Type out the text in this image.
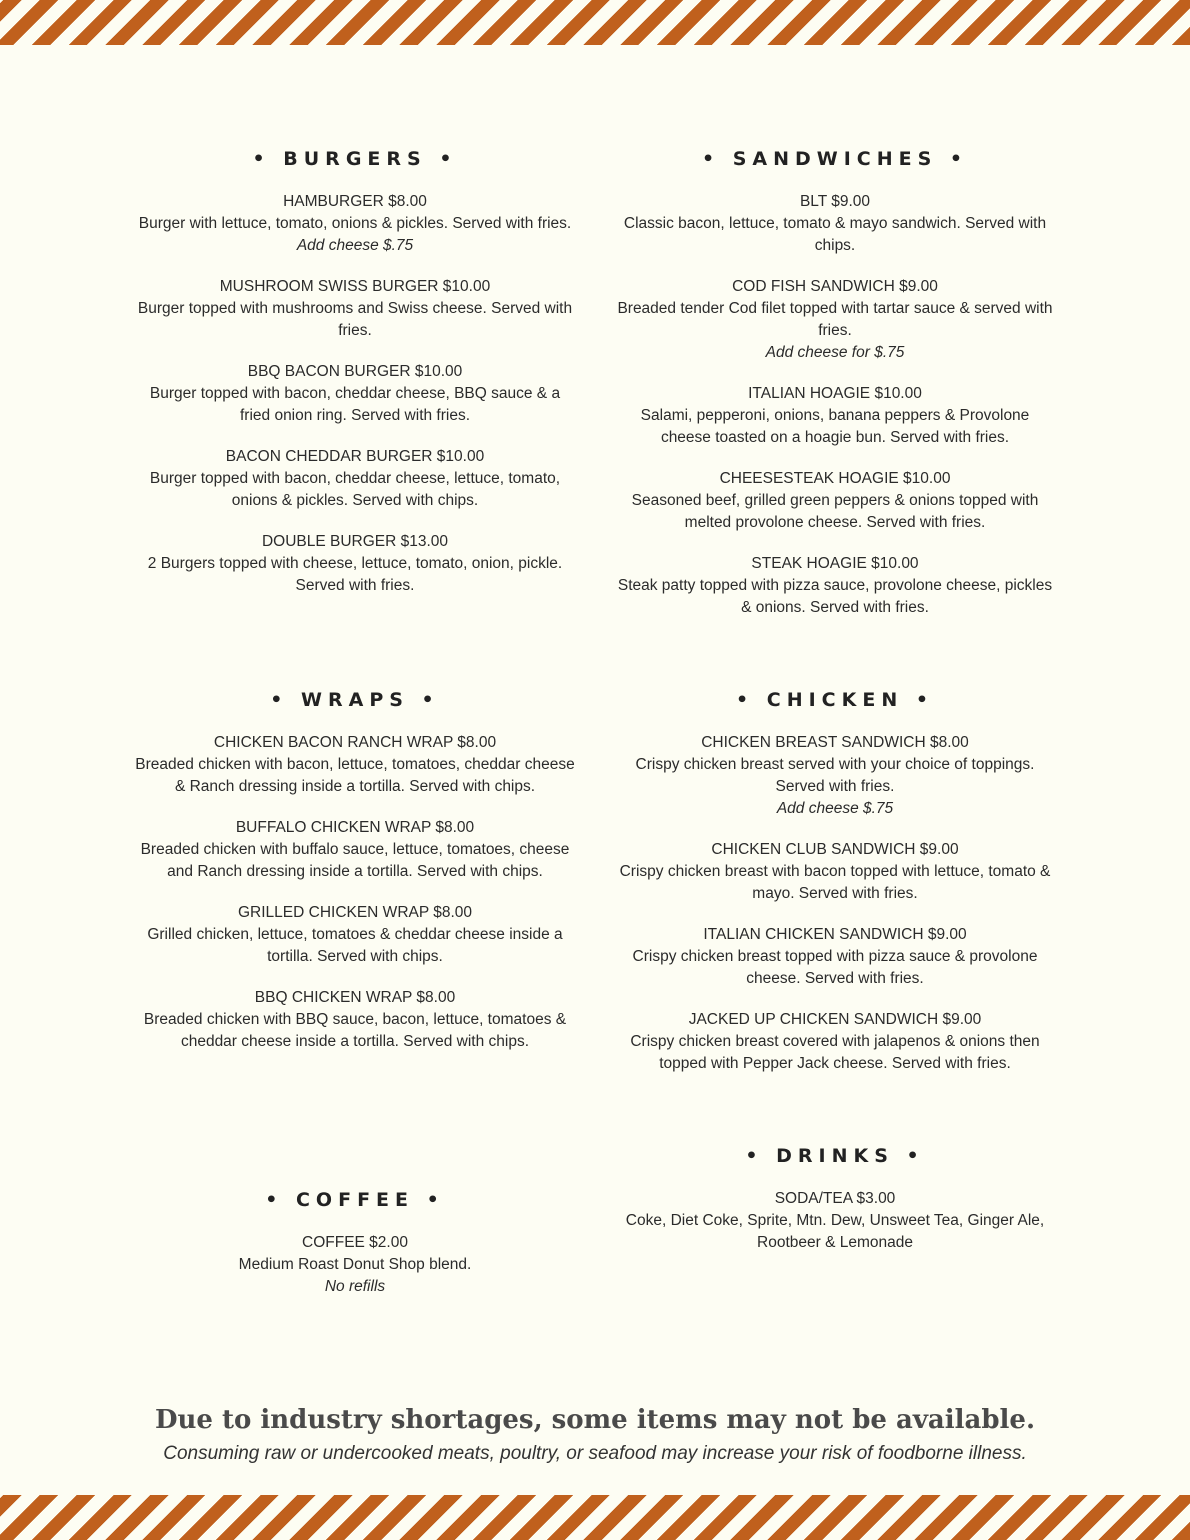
• BURGERS •
HAMBURGER $8.00
Burger with lettuce, tomato, onions & pickles. Served with fries.
Add cheese $.75
MUSHROOM SWISS BURGER $10.00
Burger topped with mushrooms and Swiss cheese. Served with fries.
BBQ BACON BURGER $10.00
Burger topped with bacon, cheddar cheese, BBQ sauce & a fried onion ring. Served with fries.
BACON CHEDDAR BURGER $10.00
Burger topped with bacon, cheddar cheese, lettuce, tomato, onions & pickles. Served with chips.
DOUBLE BURGER $13.00
2 Burgers topped with cheese, lettuce, tomato, onion, pickle. Served with fries.
• SANDWICHES •
BLT $9.00
Classic bacon, lettuce, tomato & mayo sandwich. Served with chips.
COD FISH SANDWICH $9.00
Breaded tender Cod filet topped with tartar sauce & served with fries.
Add cheese for $.75
ITALIAN HOAGIE $10.00
Salami, pepperoni, onions, banana peppers & Provolone cheese toasted on a hoagie bun. Served with fries.
CHEESESTEAK HOAGIE $10.00
Seasoned beef, grilled green peppers & onions topped with melted provolone cheese. Served with fries.
STEAK HOAGIE $10.00
Steak patty topped with pizza sauce, provolone cheese, pickles & onions. Served with fries.
• WRAPS •
CHICKEN BACON RANCH WRAP $8.00
Breaded chicken with bacon, lettuce, tomatoes, cheddar cheese & Ranch dressing inside a tortilla. Served with chips.
BUFFALO CHICKEN WRAP $8.00
Breaded chicken with buffalo sauce, lettuce, tomatoes, cheese and Ranch dressing inside a tortilla. Served with chips.
GRILLED CHICKEN WRAP $8.00
Grilled chicken, lettuce, tomatoes & cheddar cheese inside a tortilla. Served with chips.
BBQ CHICKEN WRAP $8.00
Breaded chicken with BBQ sauce, bacon, lettuce, tomatoes & cheddar cheese inside a tortilla. Served with chips.
• CHICKEN •
CHICKEN BREAST SANDWICH $8.00
Crispy chicken breast served with your choice of toppings. Served with fries.
Add cheese $.75
CHICKEN CLUB SANDWICH $9.00
Crispy chicken breast with bacon topped with lettuce, tomato & mayo. Served with fries.
ITALIAN CHICKEN SANDWICH $9.00
Crispy chicken breast topped with pizza sauce & provolone cheese. Served with fries.
JACKED UP CHICKEN SANDWICH $9.00
Crispy chicken breast covered with jalapenos & onions then topped with Pepper Jack cheese. Served with fries.
• COFFEE •
COFFEE $2.00
Medium Roast Donut Shop blend.
No refills
• DRINKS •
SODA/TEA $3.00
Coke, Diet Coke, Sprite, Mtn. Dew, Unsweet Tea, Ginger Ale, Rootbeer & Lemonade
Due to industry shortages, some items may not be available.
Consuming raw or undercooked meats, poultry, or seafood may increase your risk of foodborne illness.
